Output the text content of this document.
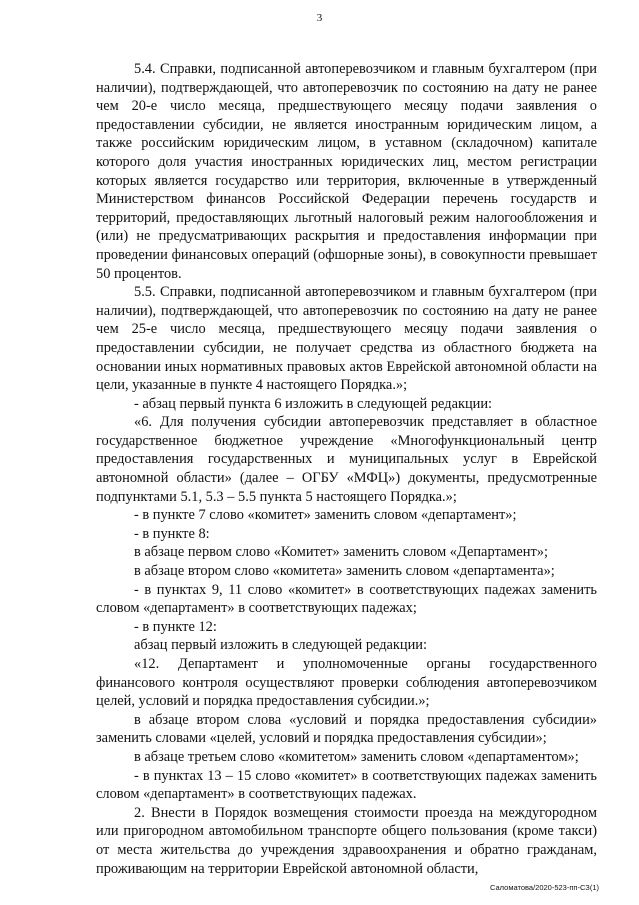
3

5.4. Справки, подписанной автоперевозчиком и главным бухгалтером (при наличии), подтверждающей, что автоперевозчик по состоянию на дату не ранее чем 20-е число месяца, предшествующего месяцу подачи заявления о предоставлении субсидии, не является иностранным юридическим лицом, а также российским юридическим лицом, в уставном (складочном) капитале которого доля участия иностранных юридических лиц, местом регистрации которых является государство или территория, включенные в утвержденный Министерством финансов Российской Федерации перечень государств и территорий, предоставляющих льготный налоговый режим налогообложения и (или) не предусматривающих раскрытия и предоставления информации при проведении финансовых операций (офшорные зоны), в совокупности превышает 50 процентов.

5.5. Справки, подписанной автоперевозчиком и главным бухгалтером (при наличии), подтверждающей, что автоперевозчик по состоянию на дату не ранее чем 25-е число месяца, предшествующего месяцу подачи заявления о предоставлении субсидии, не получает средства из областного бюджета на основании иных нормативных правовых актов Еврейской автономной области на цели, указанные в пункте 4 настоящего Порядка.»;

- абзац первый пункта 6 изложить в следующей редакции:

«6. Для получения субсидии автоперевозчик представляет в областное государственное бюджетное учреждение «Многофункциональный центр предоставления государственных и муниципальных услуг в Еврейской автономной области» (далее – ОГБУ «МФЦ») документы, предусмотренные подпунктами 5.1, 5.3 – 5.5 пункта 5 настоящего Порядка.»;

- в пункте 7 слово «комитет» заменить словом «департамент»;

- в пункте 8:

в абзаце первом слово «Комитет» заменить словом «Департамент»;

в абзаце втором слово «комитета» заменить словом «департамента»;

- в пунктах 9, 11 слово «комитет» в соответствующих падежах заменить словом «департамент» в соответствующих падежах;

- в пункте 12:

абзац первый изложить в следующей редакции:

«12. Департамент и уполномоченные органы государственного финансового контроля осуществляют проверки соблюдения автоперевозчиком целей, условий и порядка предоставления субсидии.»;

в абзаце втором слова «условий и порядка предоставления субсидии» заменить словами «целей, условий и порядка предоставления субсидии»;

в абзаце третьем слово «комитетом» заменить словом «департаментом»;

- в пунктах 13 – 15 слово «комитет» в соответствующих падежах заменить словом «департамент» в соответствующих падежах.

2. Внести в Порядок возмещения стоимости проезда на междугородном или пригородном автомобильном транспорте общего пользования (кроме такси) от места жительства до учреждения здравоохранения и обратно гражданам, проживающим на территории Еврейской автономной области,

Саломатова/2020-523-пп-СЗ(1)
